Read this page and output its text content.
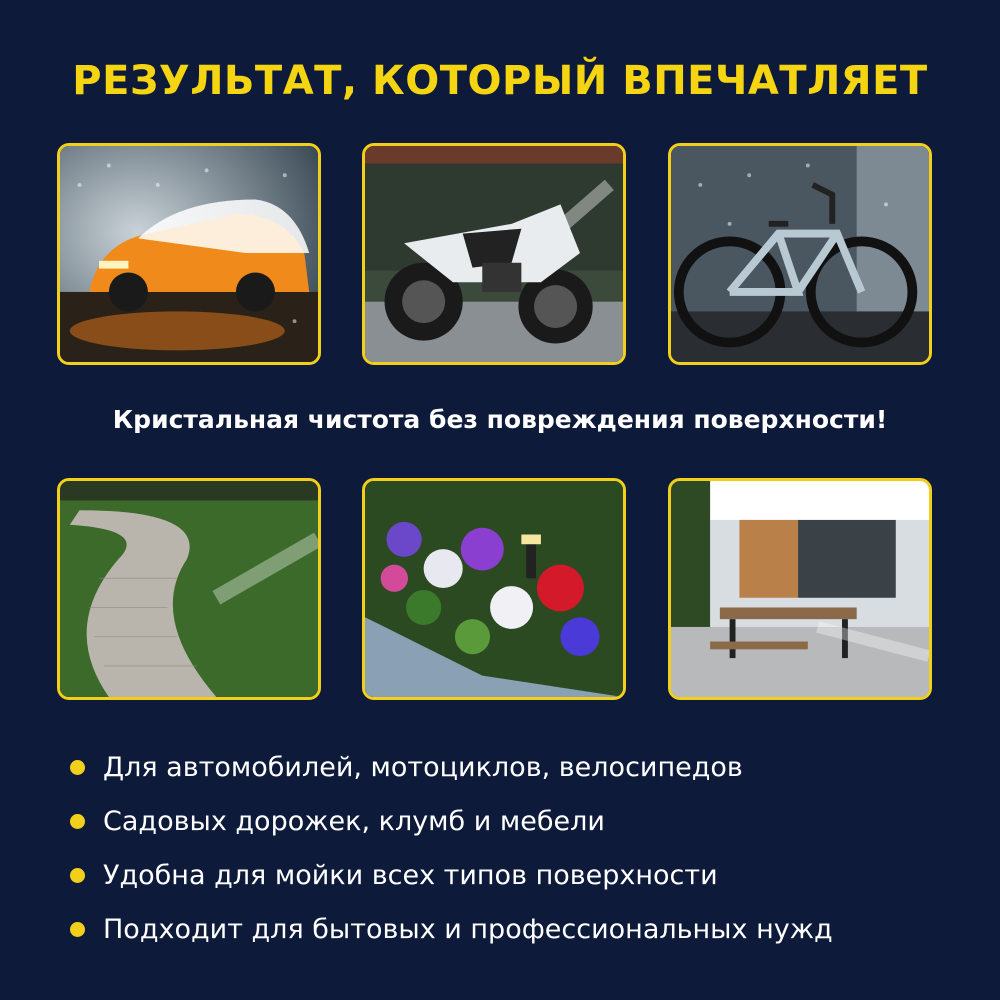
РЕЗУЛЬТАТ, КОТОРЫЙ ВПЕЧАТЛЯЕТ
Кристальная чистота без повреждения поверхности!
Для автомобилей, мотоциклов, велосипедов
Садовых дорожек, клумб и мебели
Удобна для мойки всех типов поверхности
Подходит для бытовых и профессиональных нужд
